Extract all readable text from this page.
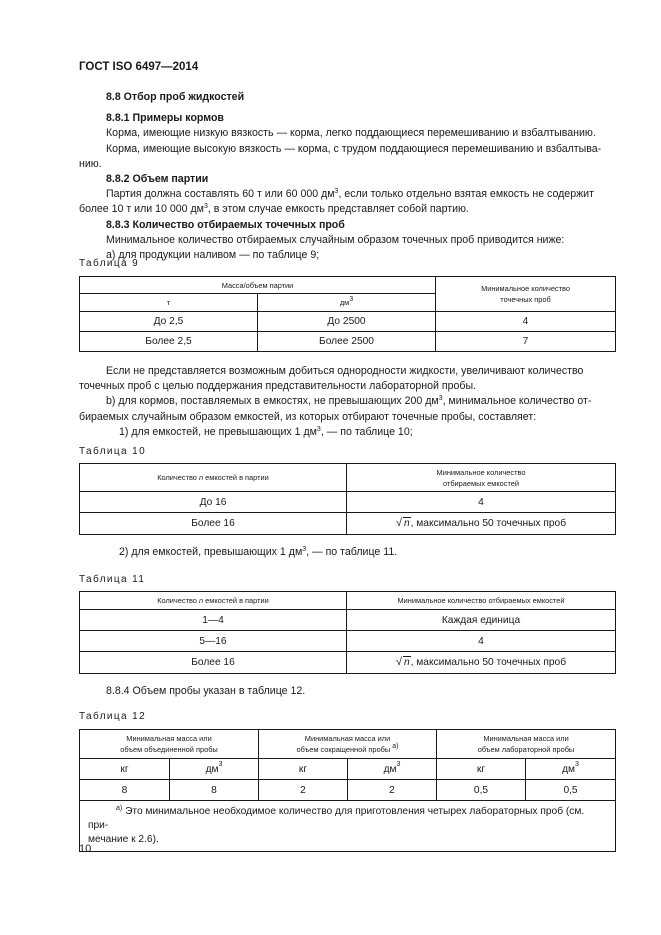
ГОСТ ISO 6497—2014

8.8 Отбор проб жидкостей

8.8.1 Примеры кормов

Корма, имеющие низкую вязкость — корма, легко поддающиеся перемешиванию и взбалтыванию.

Корма, имеющие высокую вязкость — корма, с трудом поддающиеся перемешиванию и взбалтыва-

нию.

8.8.2 Объем партии

Партия должна составлять 60 т или 60 000 $дм^3$, если только отдельно взятая емкость не содержит

более 10 т или 10 000 $дм^3$, в этом случае емкость представляет собой партию.

8.8.3 Количество отбираемых точечных проб

Минимальное количество отбираемых случайным образом точечных проб приводится ниже:

а) для продукции наливом — по таблице 9;

Таблица 9
Масса/объем партии		Минимальное количество
точечных проб
т	$дм^3$
До 2,5	До 2500	4
Более 2,5	Более 2500	7

Если не представляется возможным добиться однородности жидкости, увеличивают количество

точечных проб с целью поддержания представительности лабораторной пробы.

b) для кормов, поставляемых в емкостях, не превышающих 200 $дм^3$, минимальное количество от-

бираемых случайным образом емкостей, из которых отбирают точечные пробы, составляет:

1) для емкостей, не превышающих 1 $дм^3$, — по таблице 10;

Таблица 10
Количество n емкостей в партии	Минимальное количество
отбираемых емкостей
До 16	4
Более 16	√ n, максимально 50 точечных проб

2) для емкостей, превышающих 1 $дм^3$, — по таблице 11.

Таблица 11
Количество n емкостей в партии	Минимальное количество отбираемых емкостей
1—4	Каждая единица
5—16	4
Более 16	√ n, максимально 50 точечных проб

8.8.4 Объем пробы указан в таблице 12.

Таблица 12
Минимальная масса или
объем объединенной пробы		Минимальная масса или
объем сокращенной пробы $^{a)}$		Минимальная масса или
объем лабораторной пробы	
кг	$дм^3$	кг	$дм^3$	кг	$дм^3$
8	8	2	2	0,5	0,5
$^{a)}$ Это минимальное необходимое количество для приготовления четырех лабораторных проб (см. при-
мечание к 2.6).					
10
